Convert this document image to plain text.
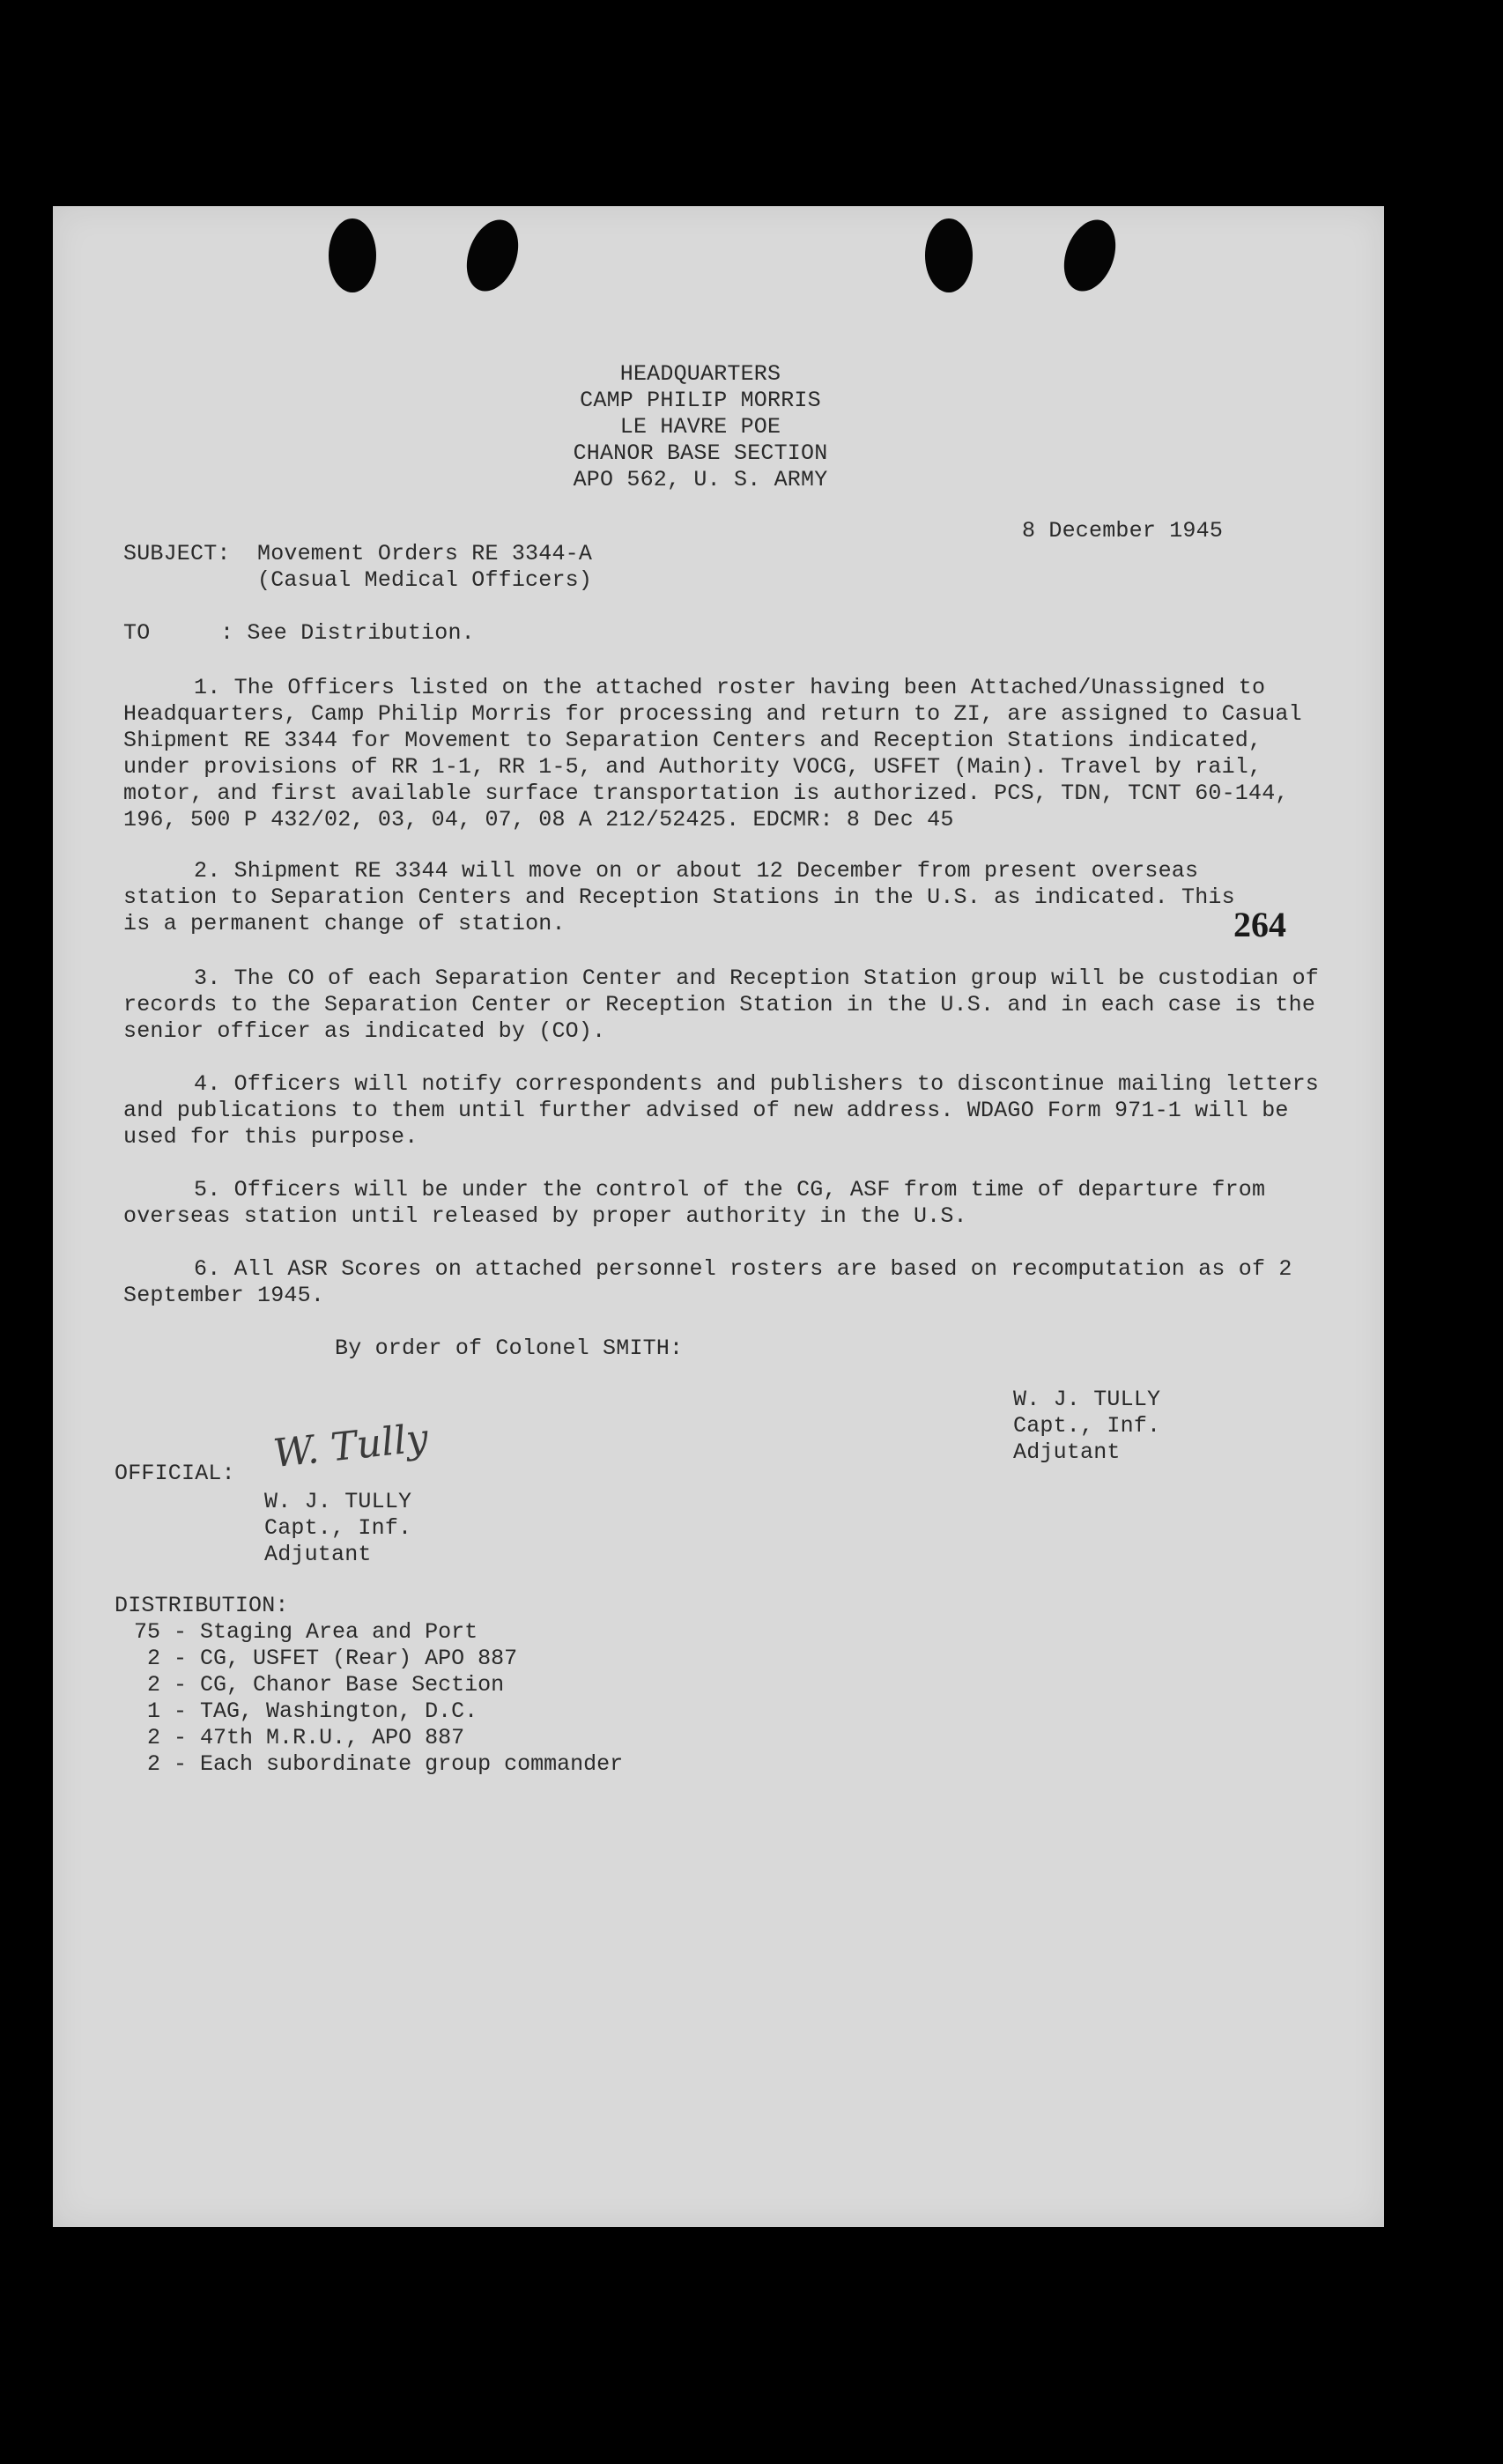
HEADQUARTERS
CAMP PHILIP MORRIS
LE HAVRE POE
CHANOR BASE SECTION
APO 562, U. S. ARMY
8 December 1945
SUBJECT: Movement Orders RE 3344-A
(Casual Medical Officers)
TO	: See Distribution.
1. The Officers listed on the attached roster having been Attached/Unassigned to Headquarters, Camp Philip Morris for processing and return to ZI, are assigned to Casual Shipment RE 3344 for Movement to Separation Centers and Reception Stations indicated, under provisions of RR 1-1, RR 1-5, and Authority VOCG, USFET (Main). Travel by rail, motor, and first available surface transportation is authorized. PCS, TDN, TCNT 60-144, 196, 500 P 432/02, 03, 04, 07, 08 A 212/52425. EDCMR: 8 Dec 45
2. Shipment RE 3344 will move on or about 12 December from present overseas station to Separation Centers and Reception Stations in the U.S. as indicated. This is a permanent change of station.	264
3. The CO of each Separation Center and Reception Station group will be custodian of records to the Separation Center or Reception Station in the U.S. and in each case is the senior officer as indicated by (CO).
4. Officers will notify correspondents and publishers to discontinue mailing letters and publications to them until further advised of new address. WDAGO Form 971-1 will be used for this purpose.
5. Officers will be under the control of the CG, ASF from time of departure from overseas station until released by proper authority in the U.S.
6. All ASR Scores on attached personnel rosters are based on recomputation as of 2 September 1945.
By order of Colonel SMITH:
W. J. TULLY
Capt., Inf.
Adjutant
W. Tully
OFFICIAL:
W. J. TULLY
Capt., Inf.
Adjutant
DISTRIBUTION:
75 - Staging Area and Port
2 - CG, USFET (Rear) APO 887
2 - CG, Chanor Base Section
1 - TAG, Washington, D.C.
2 - 47th M.R.U., APO 887
2 - Each subordinate group commander
